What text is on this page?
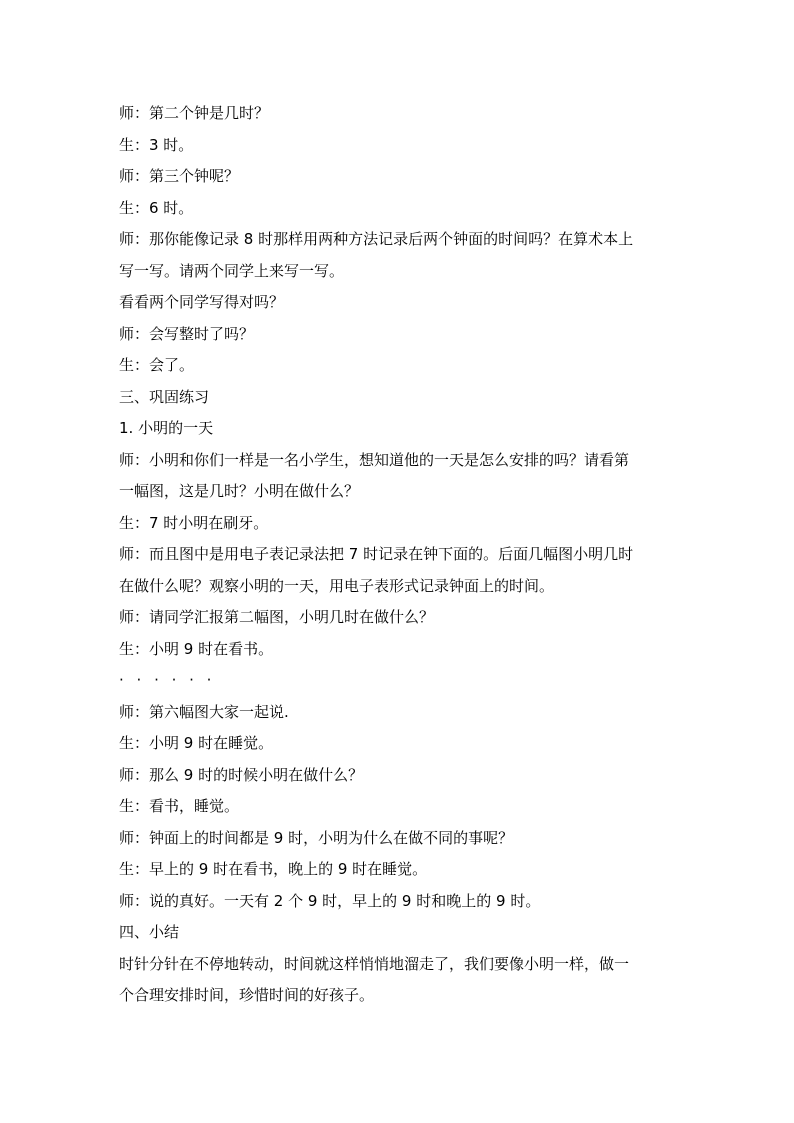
师：第二个钟是几时？
生：3 时。
师：第三个钟呢？
生：6 时。
师：那你能像记录 8 时那样用两种方法记录后两个钟面的时间吗？在算术本上
写一写。请两个同学上来写一写。
看看两个同学写得对吗？
师：会写整时了吗？
生：会了。
三、巩固练习
1. 小明的一天
师：小明和你们一样是一名小学生，想知道他的一天是怎么安排的吗？请看第
一幅图，这是几时？小明在做什么？
生：7 时小明在刷牙。
师：而且图中是用电子表记录法把 7 时记录在钟下面的。后面几幅图小明几时
在做什么呢？观察小明的一天，用电子表形式记录钟面上的时间。
师：请同学汇报第二幅图，小明几时在做什么？
生：小明 9 时在看书。
· · · · · ·
师：第六幅图大家一起说.
生：小明 9 时在睡觉。
师：那么 9 时的时候小明在做什么？
生：看书，睡觉。
师：钟面上的时间都是 9 时，小明为什么在做不同的事呢？
生：早上的 9 时在看书，晚上的 9 时在睡觉。
师：说的真好。一天有 2 个 9 时，早上的 9 时和晚上的 9 时。
四、小结
时针分针在不停地转动，时间就这样悄悄地溜走了，我们要像小明一样，做一
个合理安排时间，珍惜时间的好孩子。
